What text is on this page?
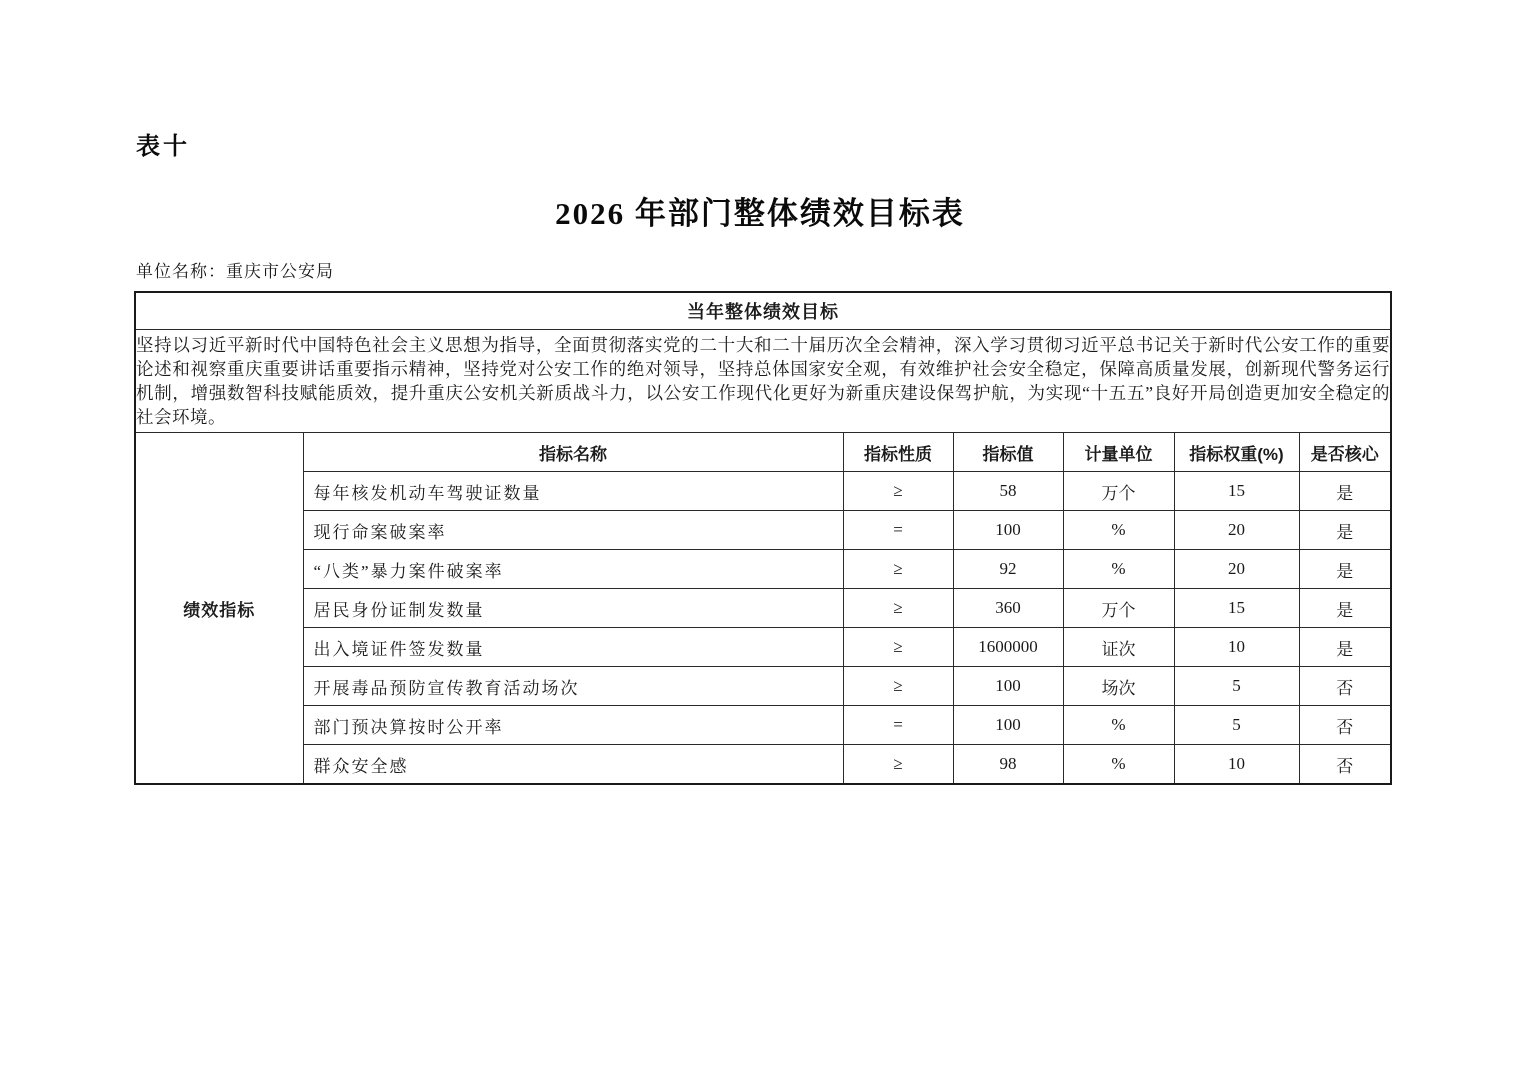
表十
2026 年部门整体绩效目标表
单位名称：重庆市公安局
当年整体绩效目标						
坚持以习近平新时代中国特色社会主义思想为指导，全面贯彻落实党的二十大和二十届历次全会精神，深入学习贯彻习近平总书记关于新时代公安工作的重要论述和视察重庆重要讲话重要指示精神，坚持党对公安工作的绝对领导，坚持总体国家安全观，有效维护社会安全稳定，保障高质量发展，创新现代警务运行机制，增强数智科技赋能质效，提升重庆公安机关新质战斗力，以公安工作现代化更好为新重庆建设保驾护航，为实现“十五五”良好开局创造更加安全稳定的社会环境。						
绩效指标	指标名称	指标性质	指标值	计量单位	指标权重(%)	是否核心
	每年核发机动车驾驶证数量	≥	58	万个	15	是
	现行命案破案率	=	100	%	20	是
	“八类”暴力案件破案率	≥	92	%	20	是
	居民身份证制发数量	≥	360	万个	15	是
	出入境证件签发数量	≥	1600000	证次	10	是
	开展毒品预防宣传教育活动场次	≥	100	场次	5	否
	部门预决算按时公开率	=	100	%	5	否
	群众安全感	≥	98	%	10	否
